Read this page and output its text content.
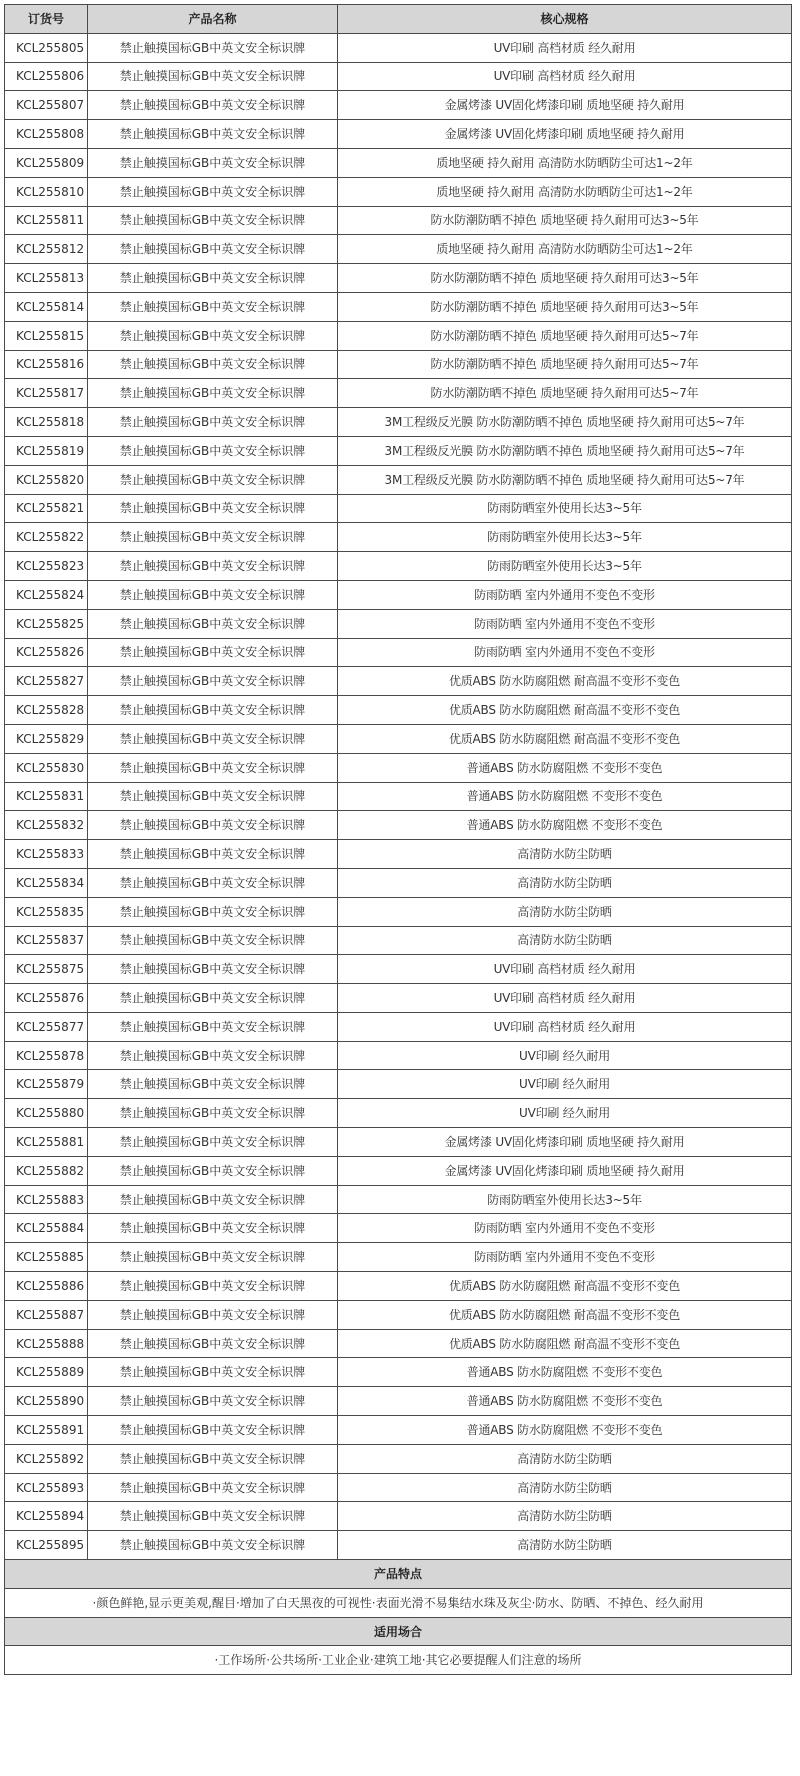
订货号	产品名称	核心规格
KCL255805	禁止触摸国标GB中英文安全标识牌	UV印刷 高档材质 经久耐用
KCL255806	禁止触摸国标GB中英文安全标识牌	UV印刷 高档材质 经久耐用
KCL255807	禁止触摸国标GB中英文安全标识牌	金属烤漆 UV固化烤漆印刷 质地坚硬 持久耐用
KCL255808	禁止触摸国标GB中英文安全标识牌	金属烤漆 UV固化烤漆印刷 质地坚硬 持久耐用
KCL255809	禁止触摸国标GB中英文安全标识牌	质地坚硬 持久耐用 高清防水防晒防尘可达1~2年
KCL255810	禁止触摸国标GB中英文安全标识牌	质地坚硬 持久耐用 高清防水防晒防尘可达1~2年
KCL255811	禁止触摸国标GB中英文安全标识牌	防水防潮防晒不掉色 质地坚硬 持久耐用可达3~5年
KCL255812	禁止触摸国标GB中英文安全标识牌	质地坚硬 持久耐用 高清防水防晒防尘可达1~2年
KCL255813	禁止触摸国标GB中英文安全标识牌	防水防潮防晒不掉色 质地坚硬 持久耐用可达3~5年
KCL255814	禁止触摸国标GB中英文安全标识牌	防水防潮防晒不掉色 质地坚硬 持久耐用可达3~5年
KCL255815	禁止触摸国标GB中英文安全标识牌	防水防潮防晒不掉色 质地坚硬 持久耐用可达5~7年
KCL255816	禁止触摸国标GB中英文安全标识牌	防水防潮防晒不掉色 质地坚硬 持久耐用可达5~7年
KCL255817	禁止触摸国标GB中英文安全标识牌	防水防潮防晒不掉色 质地坚硬 持久耐用可达5~7年
KCL255818	禁止触摸国标GB中英文安全标识牌	3M工程级反光膜 防水防潮防晒不掉色 质地坚硬 持久耐用可达5~7年
KCL255819	禁止触摸国标GB中英文安全标识牌	3M工程级反光膜 防水防潮防晒不掉色 质地坚硬 持久耐用可达5~7年
KCL255820	禁止触摸国标GB中英文安全标识牌	3M工程级反光膜 防水防潮防晒不掉色 质地坚硬 持久耐用可达5~7年
KCL255821	禁止触摸国标GB中英文安全标识牌	防雨防晒室外使用长达3~5年
KCL255822	禁止触摸国标GB中英文安全标识牌	防雨防晒室外使用长达3~5年
KCL255823	禁止触摸国标GB中英文安全标识牌	防雨防晒室外使用长达3~5年
KCL255824	禁止触摸国标GB中英文安全标识牌	防雨防晒 室内外通用不变色不变形
KCL255825	禁止触摸国标GB中英文安全标识牌	防雨防晒 室内外通用不变色不变形
KCL255826	禁止触摸国标GB中英文安全标识牌	防雨防晒 室内外通用不变色不变形
KCL255827	禁止触摸国标GB中英文安全标识牌	优质ABS 防水防腐阻燃 耐高温不变形不变色
KCL255828	禁止触摸国标GB中英文安全标识牌	优质ABS 防水防腐阻燃 耐高温不变形不变色
KCL255829	禁止触摸国标GB中英文安全标识牌	优质ABS 防水防腐阻燃 耐高温不变形不变色
KCL255830	禁止触摸国标GB中英文安全标识牌	普通ABS 防水防腐阻燃 不变形不变色
KCL255831	禁止触摸国标GB中英文安全标识牌	普通ABS 防水防腐阻燃 不变形不变色
KCL255832	禁止触摸国标GB中英文安全标识牌	普通ABS 防水防腐阻燃 不变形不变色
KCL255833	禁止触摸国标GB中英文安全标识牌	高清防水防尘防晒
KCL255834	禁止触摸国标GB中英文安全标识牌	高清防水防尘防晒
KCL255835	禁止触摸国标GB中英文安全标识牌	高清防水防尘防晒
KCL255837	禁止触摸国标GB中英文安全标识牌	高清防水防尘防晒
KCL255875	禁止触摸国标GB中英文安全标识牌	UV印刷 高档材质 经久耐用
KCL255876	禁止触摸国标GB中英文安全标识牌	UV印刷 高档材质 经久耐用
KCL255877	禁止触摸国标GB中英文安全标识牌	UV印刷 高档材质 经久耐用
KCL255878	禁止触摸国标GB中英文安全标识牌	UV印刷 经久耐用
KCL255879	禁止触摸国标GB中英文安全标识牌	UV印刷 经久耐用
KCL255880	禁止触摸国标GB中英文安全标识牌	UV印刷 经久耐用
KCL255881	禁止触摸国标GB中英文安全标识牌	金属烤漆 UV固化烤漆印刷 质地坚硬 持久耐用
KCL255882	禁止触摸国标GB中英文安全标识牌	金属烤漆 UV固化烤漆印刷 质地坚硬 持久耐用
KCL255883	禁止触摸国标GB中英文安全标识牌	防雨防晒室外使用长达3~5年
KCL255884	禁止触摸国标GB中英文安全标识牌	防雨防晒 室内外通用不变色不变形
KCL255885	禁止触摸国标GB中英文安全标识牌	防雨防晒 室内外通用不变色不变形
KCL255886	禁止触摸国标GB中英文安全标识牌	优质ABS 防水防腐阻燃 耐高温不变形不变色
KCL255887	禁止触摸国标GB中英文安全标识牌	优质ABS 防水防腐阻燃 耐高温不变形不变色
KCL255888	禁止触摸国标GB中英文安全标识牌	优质ABS 防水防腐阻燃 耐高温不变形不变色
KCL255889	禁止触摸国标GB中英文安全标识牌	普通ABS 防水防腐阻燃 不变形不变色
KCL255890	禁止触摸国标GB中英文安全标识牌	普通ABS 防水防腐阻燃 不变形不变色
KCL255891	禁止触摸国标GB中英文安全标识牌	普通ABS 防水防腐阻燃 不变形不变色
KCL255892	禁止触摸国标GB中英文安全标识牌	高清防水防尘防晒
KCL255893	禁止触摸国标GB中英文安全标识牌	高清防水防尘防晒
KCL255894	禁止触摸国标GB中英文安全标识牌	高清防水防尘防晒
KCL255895	禁止触摸国标GB中英文安全标识牌	高清防水防尘防晒
产品特点		
·颜色鲜艳,显示更美观,醒目·增加了白天黑夜的可视性·表面光滑不易集结水珠及灰尘·防水、防晒、不掉色、经久耐用		
适用场合		
·工作场所·公共场所·工业企业·建筑工地·其它必要提醒人们注意的场所		
